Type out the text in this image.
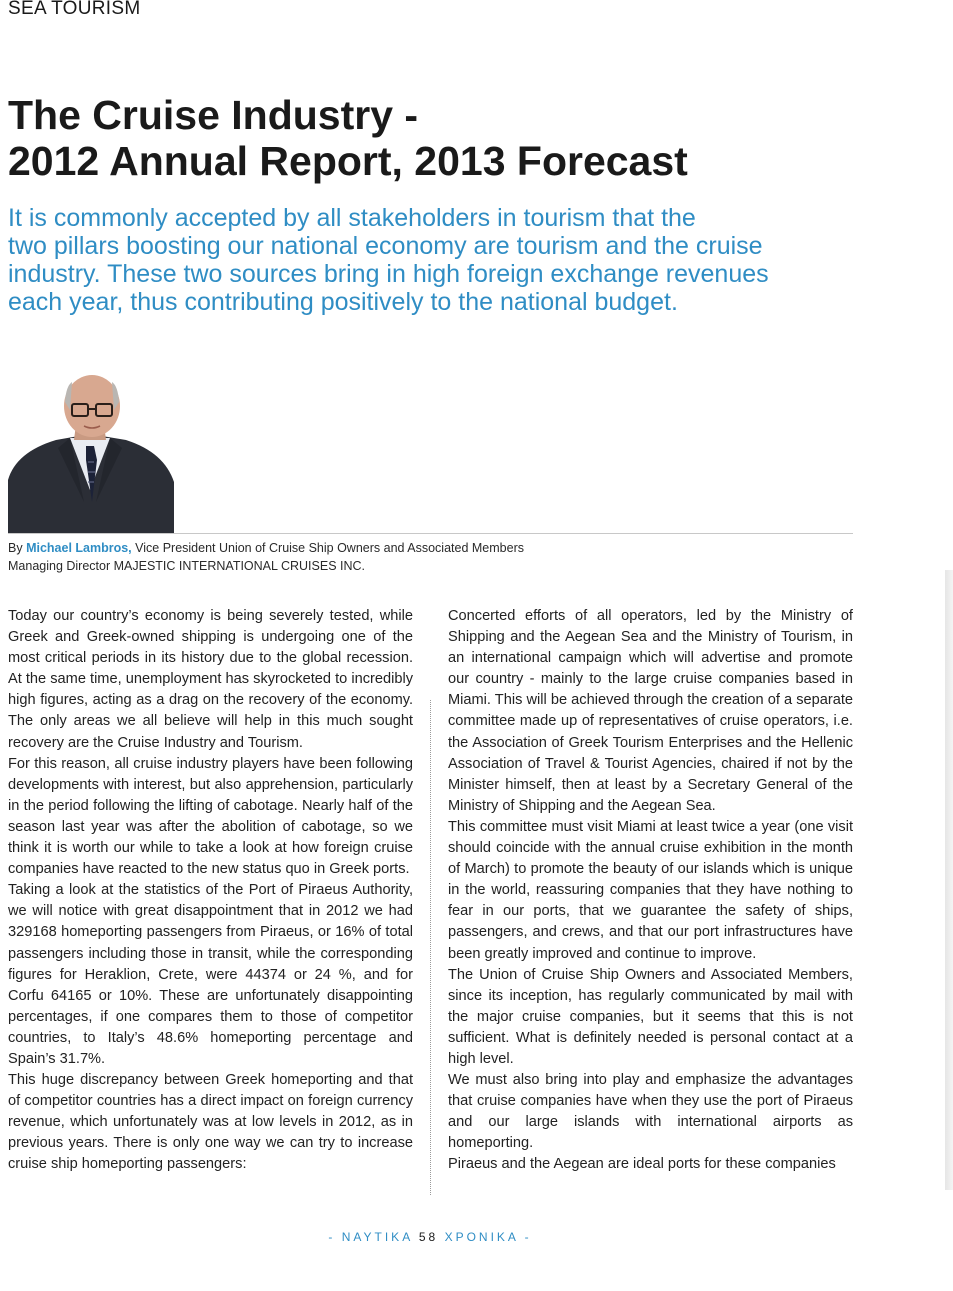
SEA TOURISM
The Cruise Industry -
2012 Annual Report, 2013 Forecast

It is commonly accepted by all stakeholders in tourism that the
two pillars boosting our national economy are tourism and the cruise
industry. These two sources bring in high foreign exchange revenues
each year, thus contributing positively to the national budget.

By Michael Lambros, Vice President Union of Cruise Ship Owners and Associated Members
Managing Director MAJESTIC INTERNATIONAL CRUISES INC.

Today our country’s economy is being severely tested, while Greek and Greek-owned shipping is undergoing one of the most critical periods in its history due to the global recession. At the same time, unemployment has skyrocketed to incredibly high figures, acting as a drag on the recovery of the economy. The only areas we all believe will help in this much sought recovery are the Cruise Industry and Tourism.

For this reason, all cruise industry players have been following developments with interest, but also apprehension, particularly in the period following the lifting of cabotage. Nearly half of the season last year was after the abolition of cabotage, so we think it is worth our while to take a look at how foreign cruise companies have reacted to the new status quo in Greek ports.

Taking a look at the statistics of the Port of Piraeus Authority, we will notice with great disappointment that in 2012 we had 329168 homeporting passengers from Piraeus, or 16% of total passengers including those in transit, while the corresponding figures for Heraklion, Crete, were 44374 or 24 %, and for Corfu 64165 or 10%. These are unfortunately disappointing percentages, if one compares them to those of competitor countries, to Italy’s 48.6% homeporting percentage and Spain’s 31.7%.

This huge discrepancy between Greek homeporting and that of competitor countries has a direct impact on foreign currency revenue, which unfortunately was at low levels in 2012, as in previous years. There is only one way we can try to increase cruise ship homeporting passengers:

Concerted efforts of all operators, led by the Ministry of Shipping and the Aegean Sea and the Ministry of Tourism, in an international campaign which will advertise and promote our country - mainly to the large cruise companies based in Miami. This will be achieved through the creation of a separate committee made up of representatives of cruise operators, i.e. the Association of Greek Tourism Enterprises and the Hellenic Association of Travel & Tourist Agencies, chaired if not by the Minister himself, then at least by a Secretary General of the Ministry of Shipping and the Aegean Sea.

This committee must visit Miami at least twice a year (one visit should coincide with the annual cruise exhibition in the month of March) to promote the beauty of our islands which is unique in the world, reassuring companies that they have nothing to fear in our ports, that we guarantee the safety of ships, passengers, and crews, and that our port infrastructures have been greatly improved and continue to improve.

The Union of Cruise Ship Owners and Associated Members, since its inception, has regularly communicated by mail with the major cruise companies, but it seems that this is not sufficient. What is definitely needed is personal contact at a high level.

We must also bring into play and emphasize the advantages that cruise companies have when they use the port of Piraeus and our large islands with international airports as homeporting.

Piraeus and the Aegean are ideal ports for these companies

- ΝΑΥΤΙΚΑ 58 ΧΡΟΝΙΚΑ -
